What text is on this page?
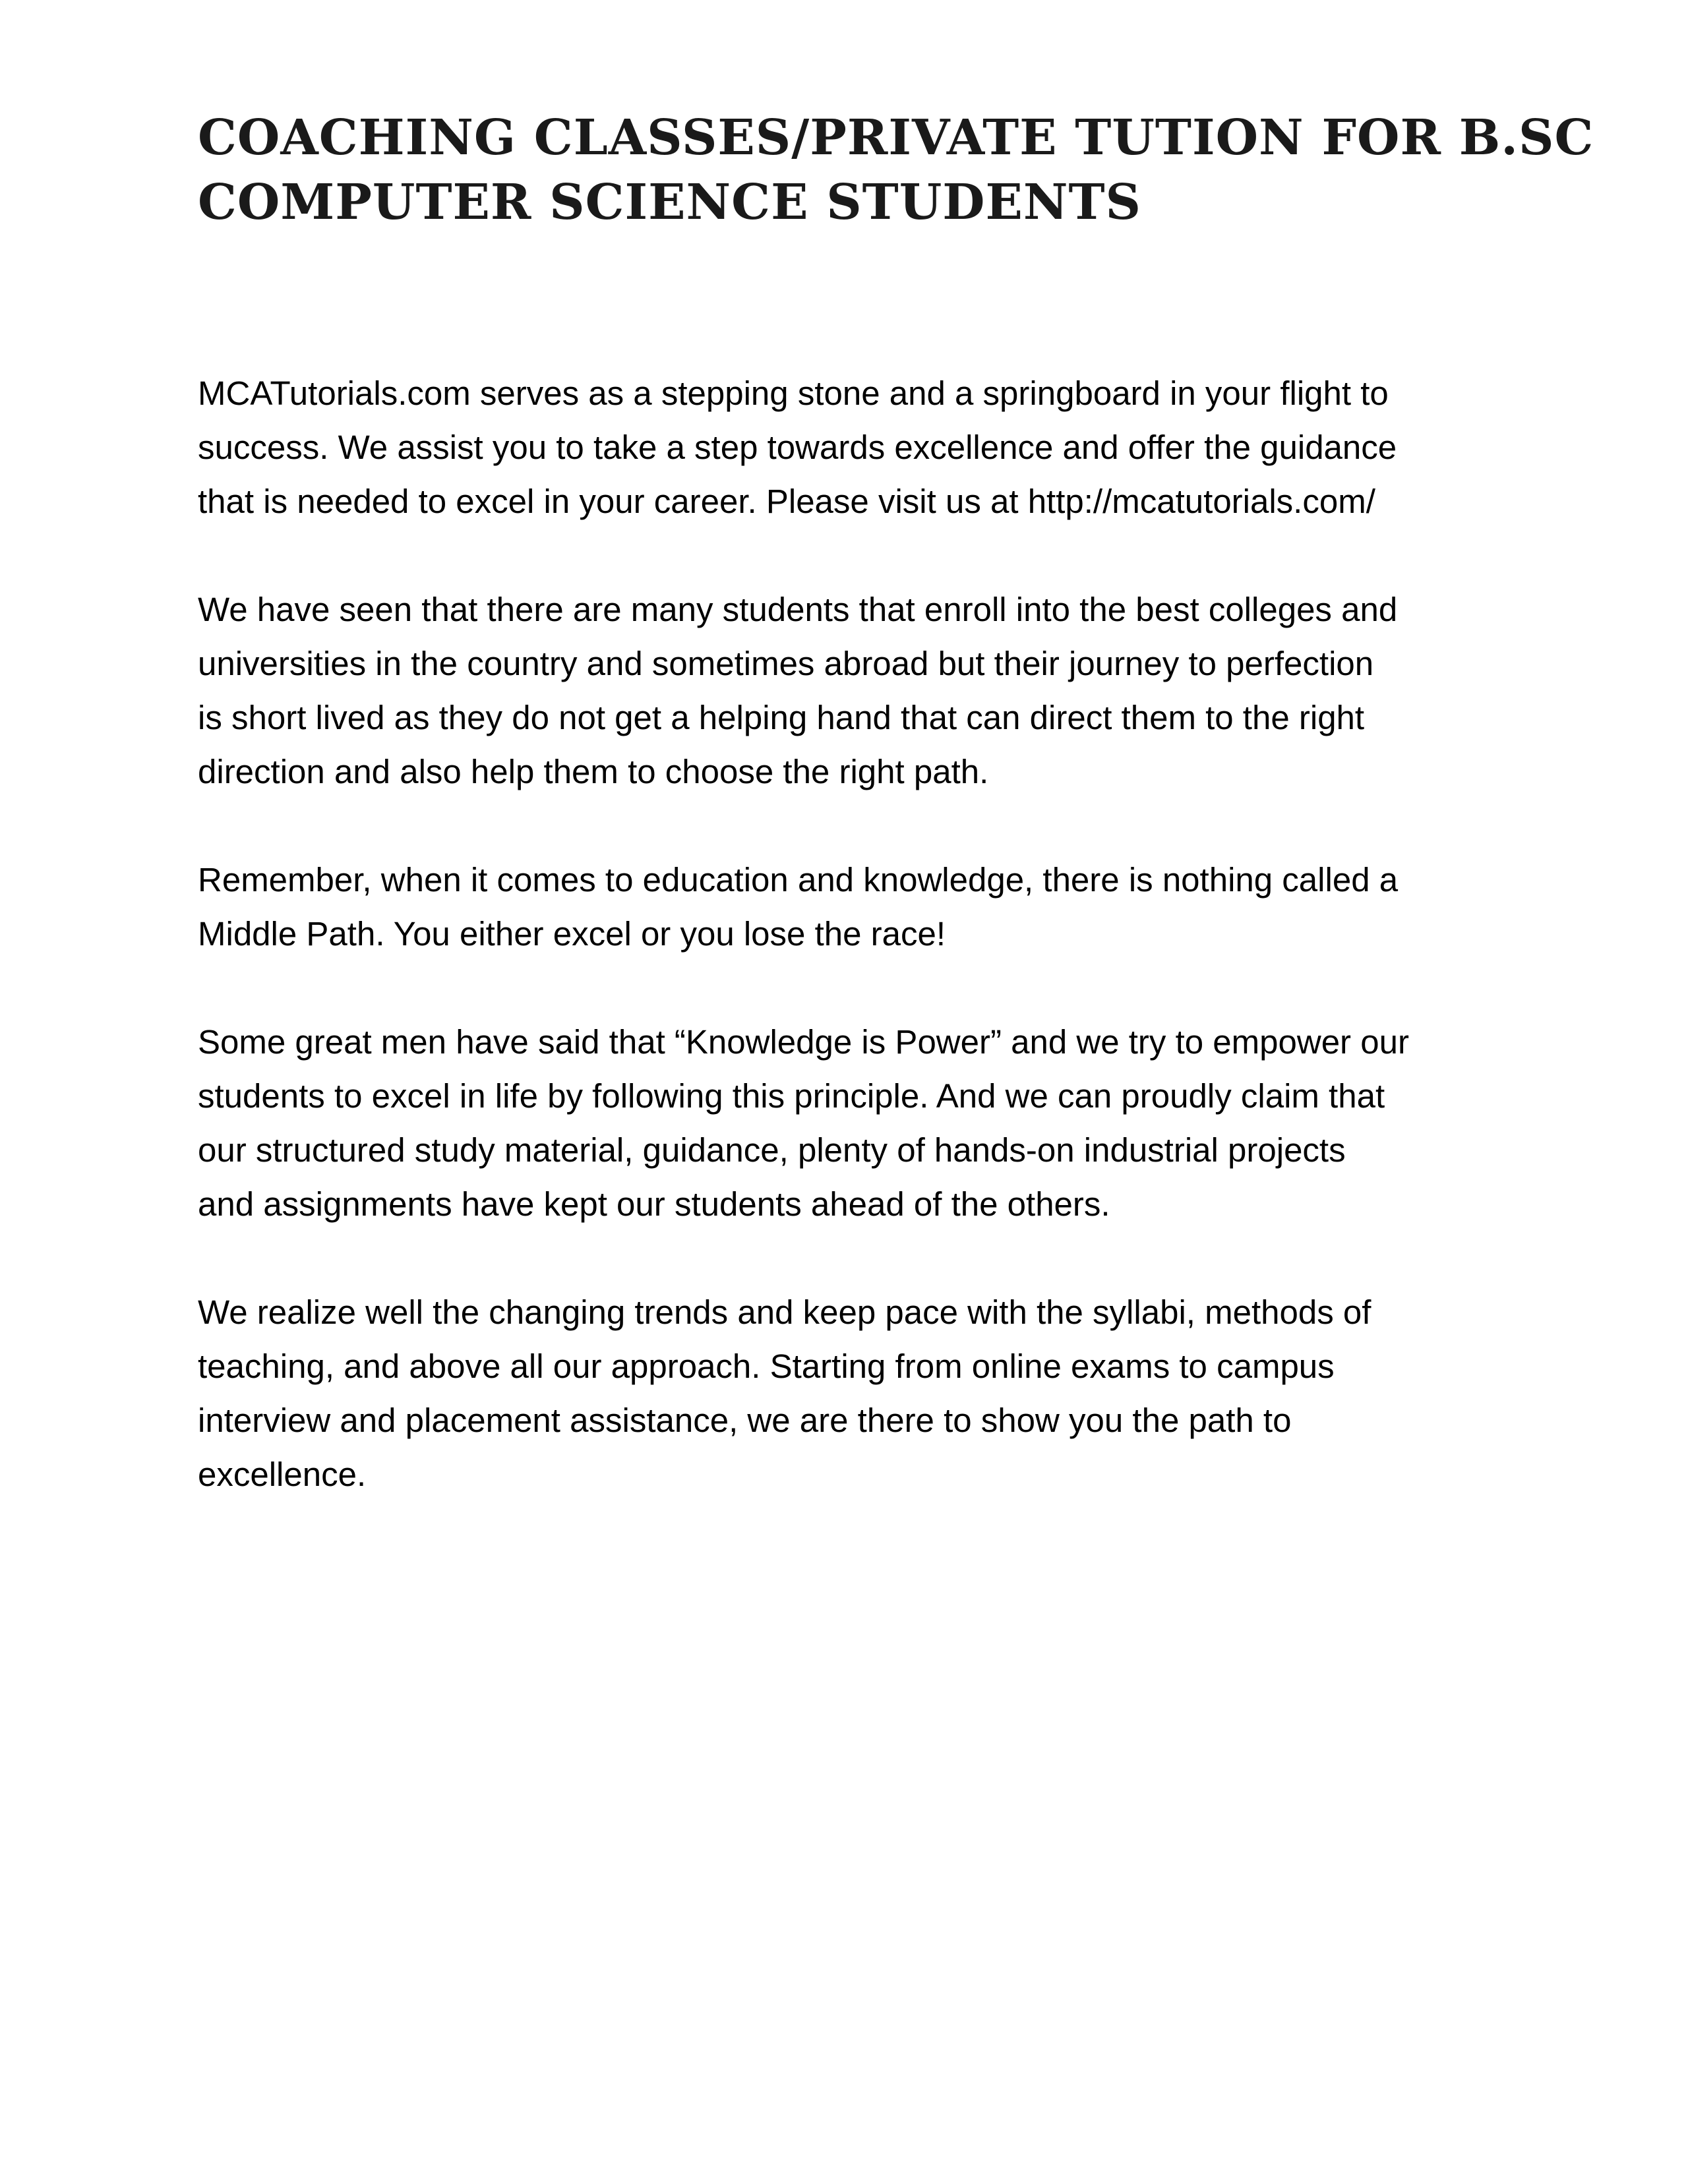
COACHING CLASSES/PRIVATE TUTION FOR B.SC
COMPUTER SCIENCE STUDENTS

MCATutorials.com serves as a stepping stone and a springboard in your flight to
success. We assist you to take a step towards excellence and offer the guidance
that is needed to excel in your career. Please visit us at http://mcatutorials.com/

We have seen that there are many students that enroll into the best colleges and
universities in the country and sometimes abroad but their journey to perfection
is short lived as they do not get a helping hand that can direct them to the right
direction and also help them to choose the right path.

Remember, when it comes to education and knowledge, there is nothing called a
Middle Path. You either excel or you lose the race!

Some great men have said that “Knowledge is Power” and we try to empower our
students to excel in life by following this principle. And we can proudly claim that
our structured study material, guidance, plenty of hands-on industrial projects
and assignments have kept our students ahead of the others.

We realize well the changing trends and keep pace with the syllabi, methods of
teaching, and above all our approach. Starting from online exams to campus
interview and placement assistance, we are there to show you the path to
excellence.
